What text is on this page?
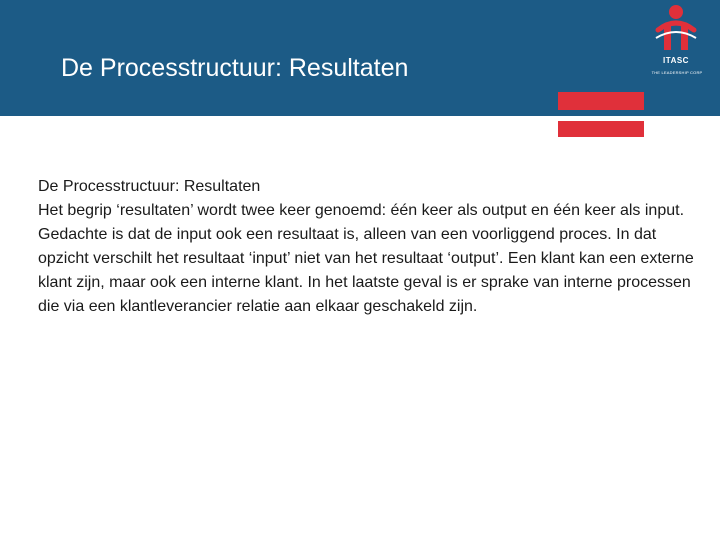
De Processtructuur: Resultaten	ITASC
THE LEADERSHIP CORP

De Processtructuur: Resultaten

Het begrip ‘resultaten’ wordt twee keer genoemd: één keer als output en één keer als input. Gedachte is dat de input ook een resultaat is, alleen van een voorliggend proces. In dat opzicht verschilt het resultaat ‘input’ niet van het resultaat ‘output’. Een klant kan een externe klant zijn, maar ook een interne klant. In het laatste geval is er sprake van interne processen die via een klantleverancier relatie aan elkaar geschakeld zijn.
